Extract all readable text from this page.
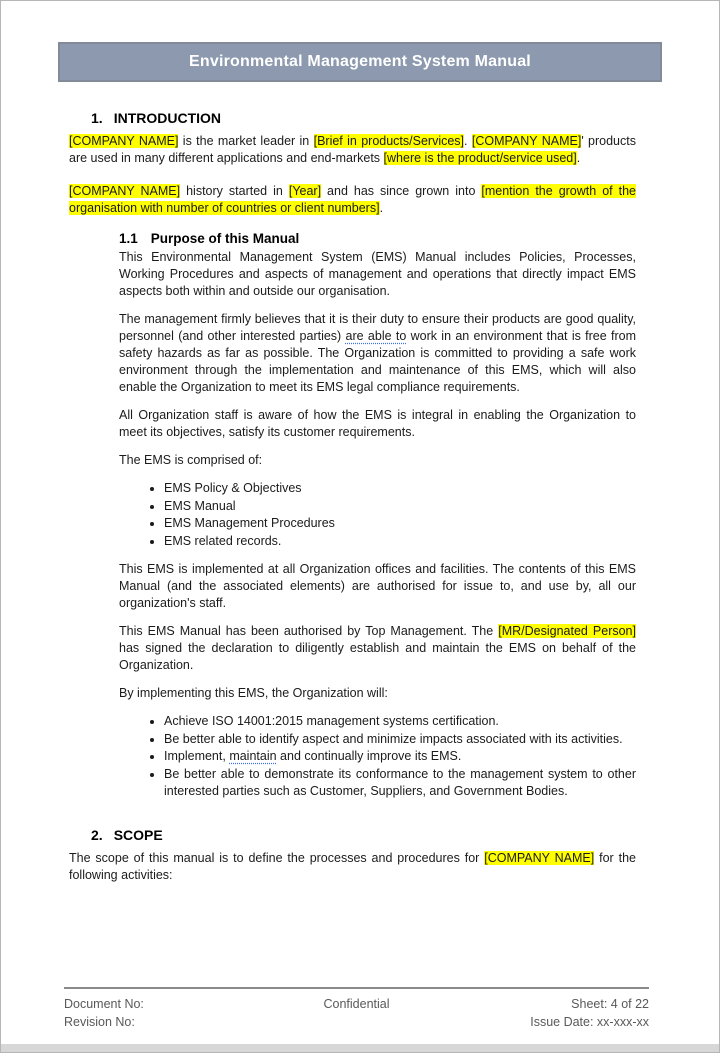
Environmental Management System Manual
1. INTRODUCTION

[COMPANY NAME] is the market leader in [Brief in products/Services]. [COMPANY NAME]' products are used in many different applications and end-markets [where is the product/service used].

[COMPANY NAME] history started in [Year] and has since grown into [mention the growth of the organisation with number of countries or client numbers].

1.1 Purpose of this Manual

This Environmental Management System (EMS) Manual includes Policies, Processes, Working Procedures and aspects of management and operations that directly impact EMS aspects both within and outside our organisation.

The management firmly believes that it is their duty to ensure their products are good quality, personnel (and other interested parties) are able to work in an environment that is free from safety hazards as far as possible. The Organization is committed to providing a safe work environment through the implementation and maintenance of this EMS, which will also enable the Organization to meet its EMS legal compliance requirements.

All Organization staff is aware of how the EMS is integral in enabling the Organization to meet its objectives, satisfy its customer requirements.

The EMS is comprised of:

• EMS Policy & Objectives
• EMS Manual
• EMS Management Procedures
• EMS related records.

This EMS is implemented at all Organization offices and facilities. The contents of this EMS Manual (and the associated elements) are authorised for issue to, and use by, all our organization's staff.

This EMS Manual has been authorised by Top Management. The [MR/Designated Person] has signed the declaration to diligently establish and maintain the EMS on behalf of the Organization.

By implementing this EMS, the Organization will:

• Achieve ISO 14001:2015 management systems certification.
• Be better able to identify aspect and minimize impacts associated with its activities.
• Implement, maintain and continually improve its EMS.
• Be better able to demonstrate its conformance to the management system to other interested parties such as Customer, Suppliers, and Government Bodies.
2. SCOPE

The scope of this manual is to define the processes and procedures for [COMPANY NAME] for the following activities:

Document No:	Confidential	Sheet: 4 of 22
Revision No:	Issue Date: xx-xxx-xx
